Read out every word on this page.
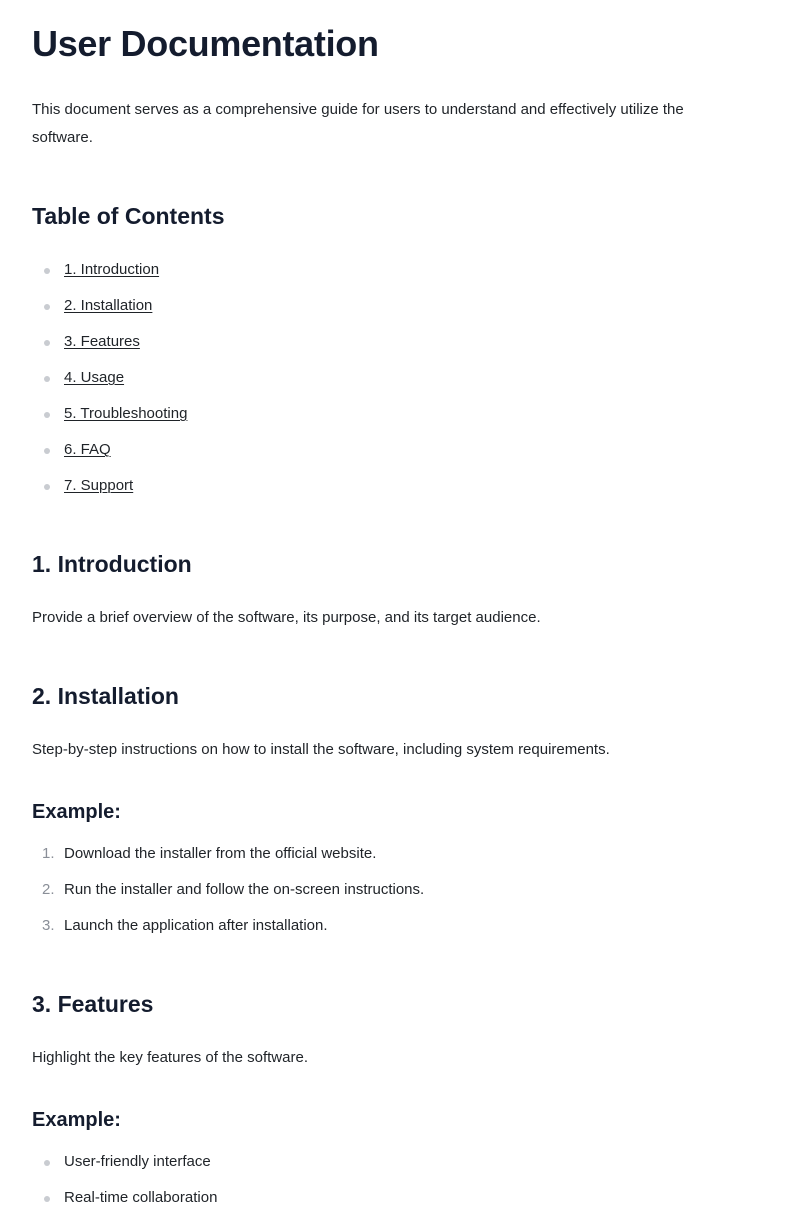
User Documentation

This document serves as a comprehensive guide for users to understand and effectively utilize the software.

Table of Contents
1. Introduction
2. Installation
3. Features
4. Usage
5. Troubleshooting
6. FAQ
7. Support
1. Introduction

Provide a brief overview of the software, its purpose, and its target audience.

2. Installation

Step-by-step instructions on how to install the software, including system requirements.

Example:
1. Download the installer from the official website.
2. Run the installer and follow the on-screen instructions.
3. Launch the application after installation.
3. Features

Highlight the key features of the software.

Example:
User-friendly interface
Real-time collaboration
